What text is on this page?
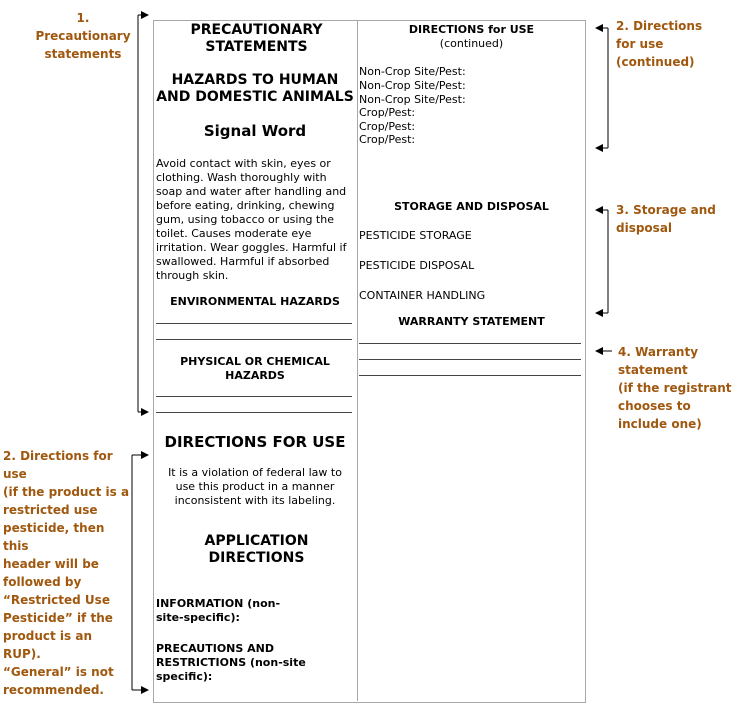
1. Precautionary
statements
2. Directions
for use
(continued)
3. Storage and
disposal
4. Warranty
statement
(if the registrant
chooses to
include one)
2. Directions for use
(if the product is a
restricted use
pesticide, then this
header will be
followed by
“Restricted Use
Pesticide” if the
product is an RUP).
“General” is not
recommended.
PRECAUTIONARY STATEMENTS
HAZARDS TO HUMAN AND DOMESTIC ANIMALS
Signal Word
Avoid contact with skin, eyes or clothing. Wash thoroughly with soap and water after handling and before eating, drinking, chewing gum, using tobacco or using the toilet. Causes moderate eye irritation. Wear goggles. Harmful if swallowed. Harmful if absorbed through skin.
ENVIRONMENTAL HAZARDS
PHYSICAL OR CHEMICAL HAZARDS
DIRECTIONS FOR USE
It is a violation of federal law to use this product in a manner inconsistent with its labeling.
APPLICATION DIRECTIONS
INFORMATION (non-site-specific):
PRECAUTIONS AND RESTRICTIONS (non-site specific):
DIRECTIONS for USE
(continued)
Non-Crop Site/Pest:
Non-Crop Site/Pest:
Non-Crop Site/Pest:
Crop/Pest:
Crop/Pest:
Crop/Pest:
STORAGE AND DISPOSAL
PESTICIDE STORAGE
PESTICIDE DISPOSAL
CONTAINER HANDLING
WARRANTY STATEMENT
